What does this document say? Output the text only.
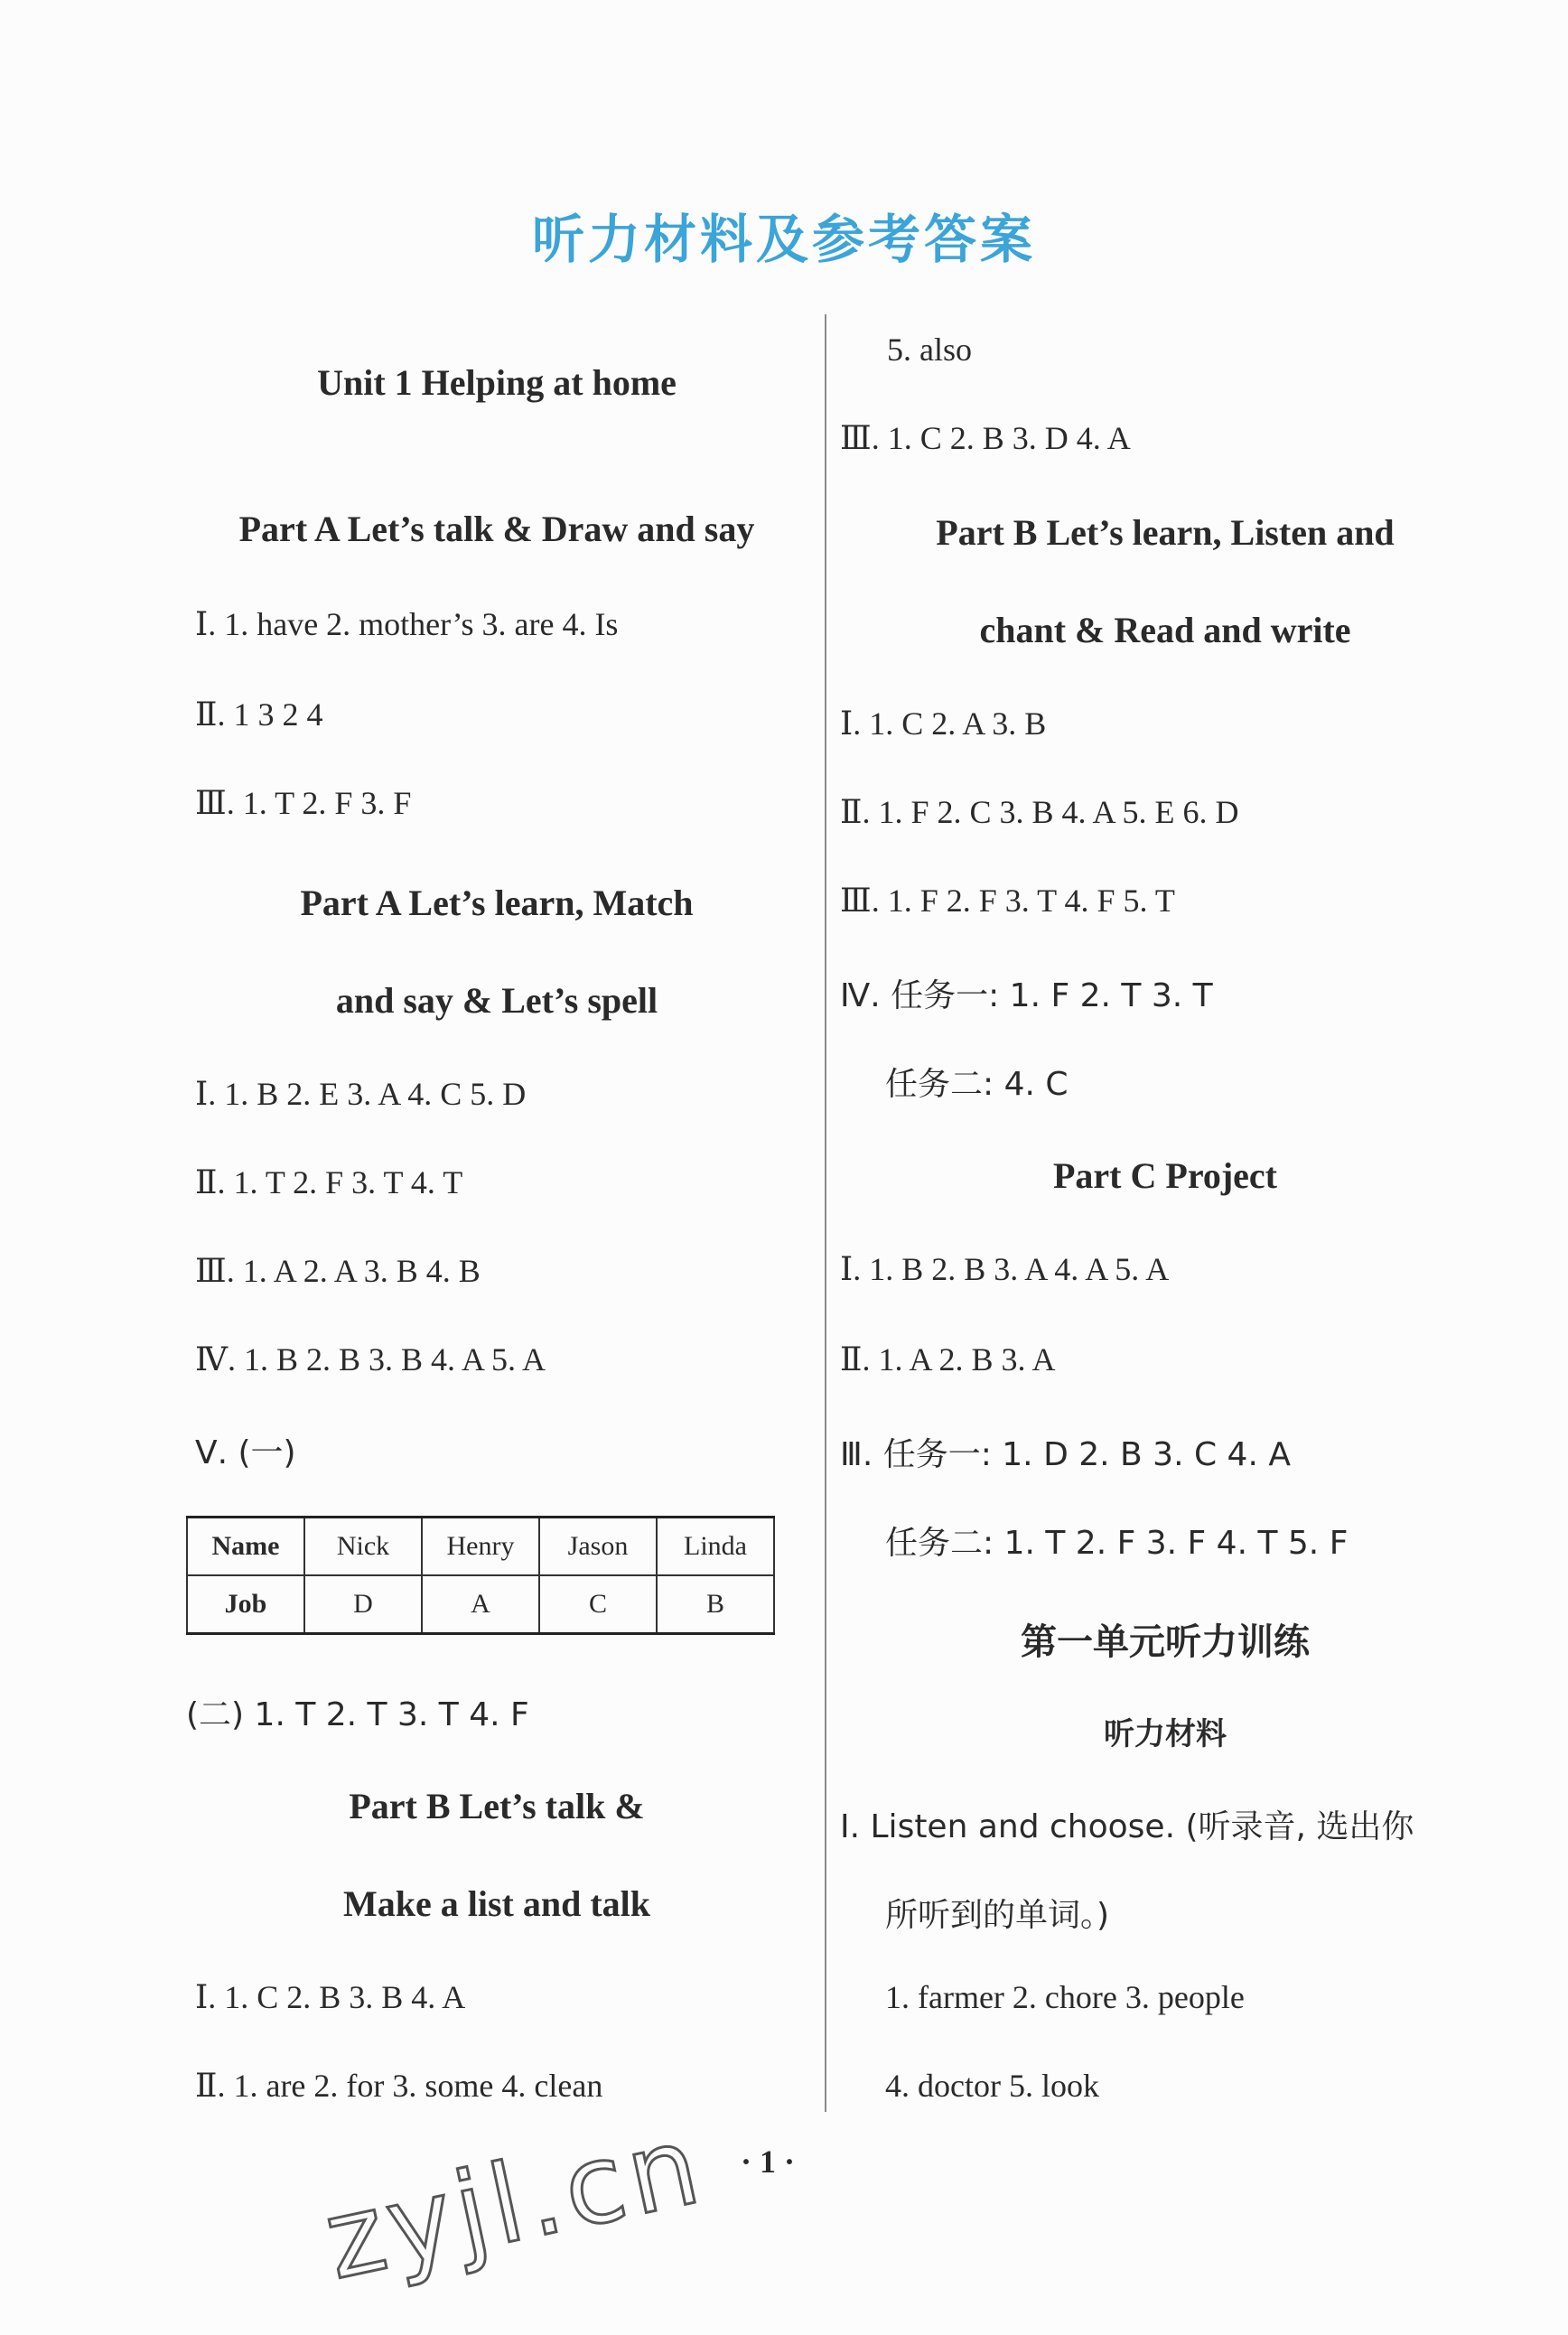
听力材料及参考答案
Unit 1 Helping at home
Part A Let’s talk & Draw and say
Ⅰ. 1. have 2. mother’s 3. are 4. Is
Ⅱ. 1 3 2 4
Ⅲ. 1. T 2. F 3. F
Part A Let’s learn, Match
and say & Let’s spell
Ⅰ. 1. B 2. E 3. A 4. C 5. D
Ⅱ. 1. T 2. F 3. T 4. T
Ⅲ. 1. A 2. A 3. B 4. B
Ⅳ. 1. B 2. B 3. B 4. A 5. A
Ⅴ. (一)
Name	Nick	Henry	Jason	Linda
Job	D	A	C	B
(二) 1. T 2. T 3. T 4. F
Part B Let’s talk &
Make a list and talk
Ⅰ. 1. C 2. B 3. B 4. A
Ⅱ. 1. are 2. for 3. some 4. clean
5. also
Ⅲ. 1. C 2. B 3. D 4. A
Part B Let’s learn, Listen and
chant & Read and write
Ⅰ. 1. C 2. A 3. B
Ⅱ. 1. F 2. C 3. B 4. A 5. E 6. D
Ⅲ. 1. F 2. F 3. T 4. F 5. T
Ⅳ. 任务一: 1. F 2. T 3. T
任务二: 4. C
Part C Project
Ⅰ. 1. B 2. B 3. A 4. A 5. A
Ⅱ. 1. A 2. B 3. A
Ⅲ. 任务一: 1. D 2. B 3. C 4. A
任务二: 1. T 2. F 3. F 4. T 5. F
第一单元听力训练
听力材料
Ⅰ. Listen and choose. (听录音, 选出你
所听到的单词。)
1. farmer 2. chore 3. people
4. doctor 5. look
zyjl.cn · 1 ·
